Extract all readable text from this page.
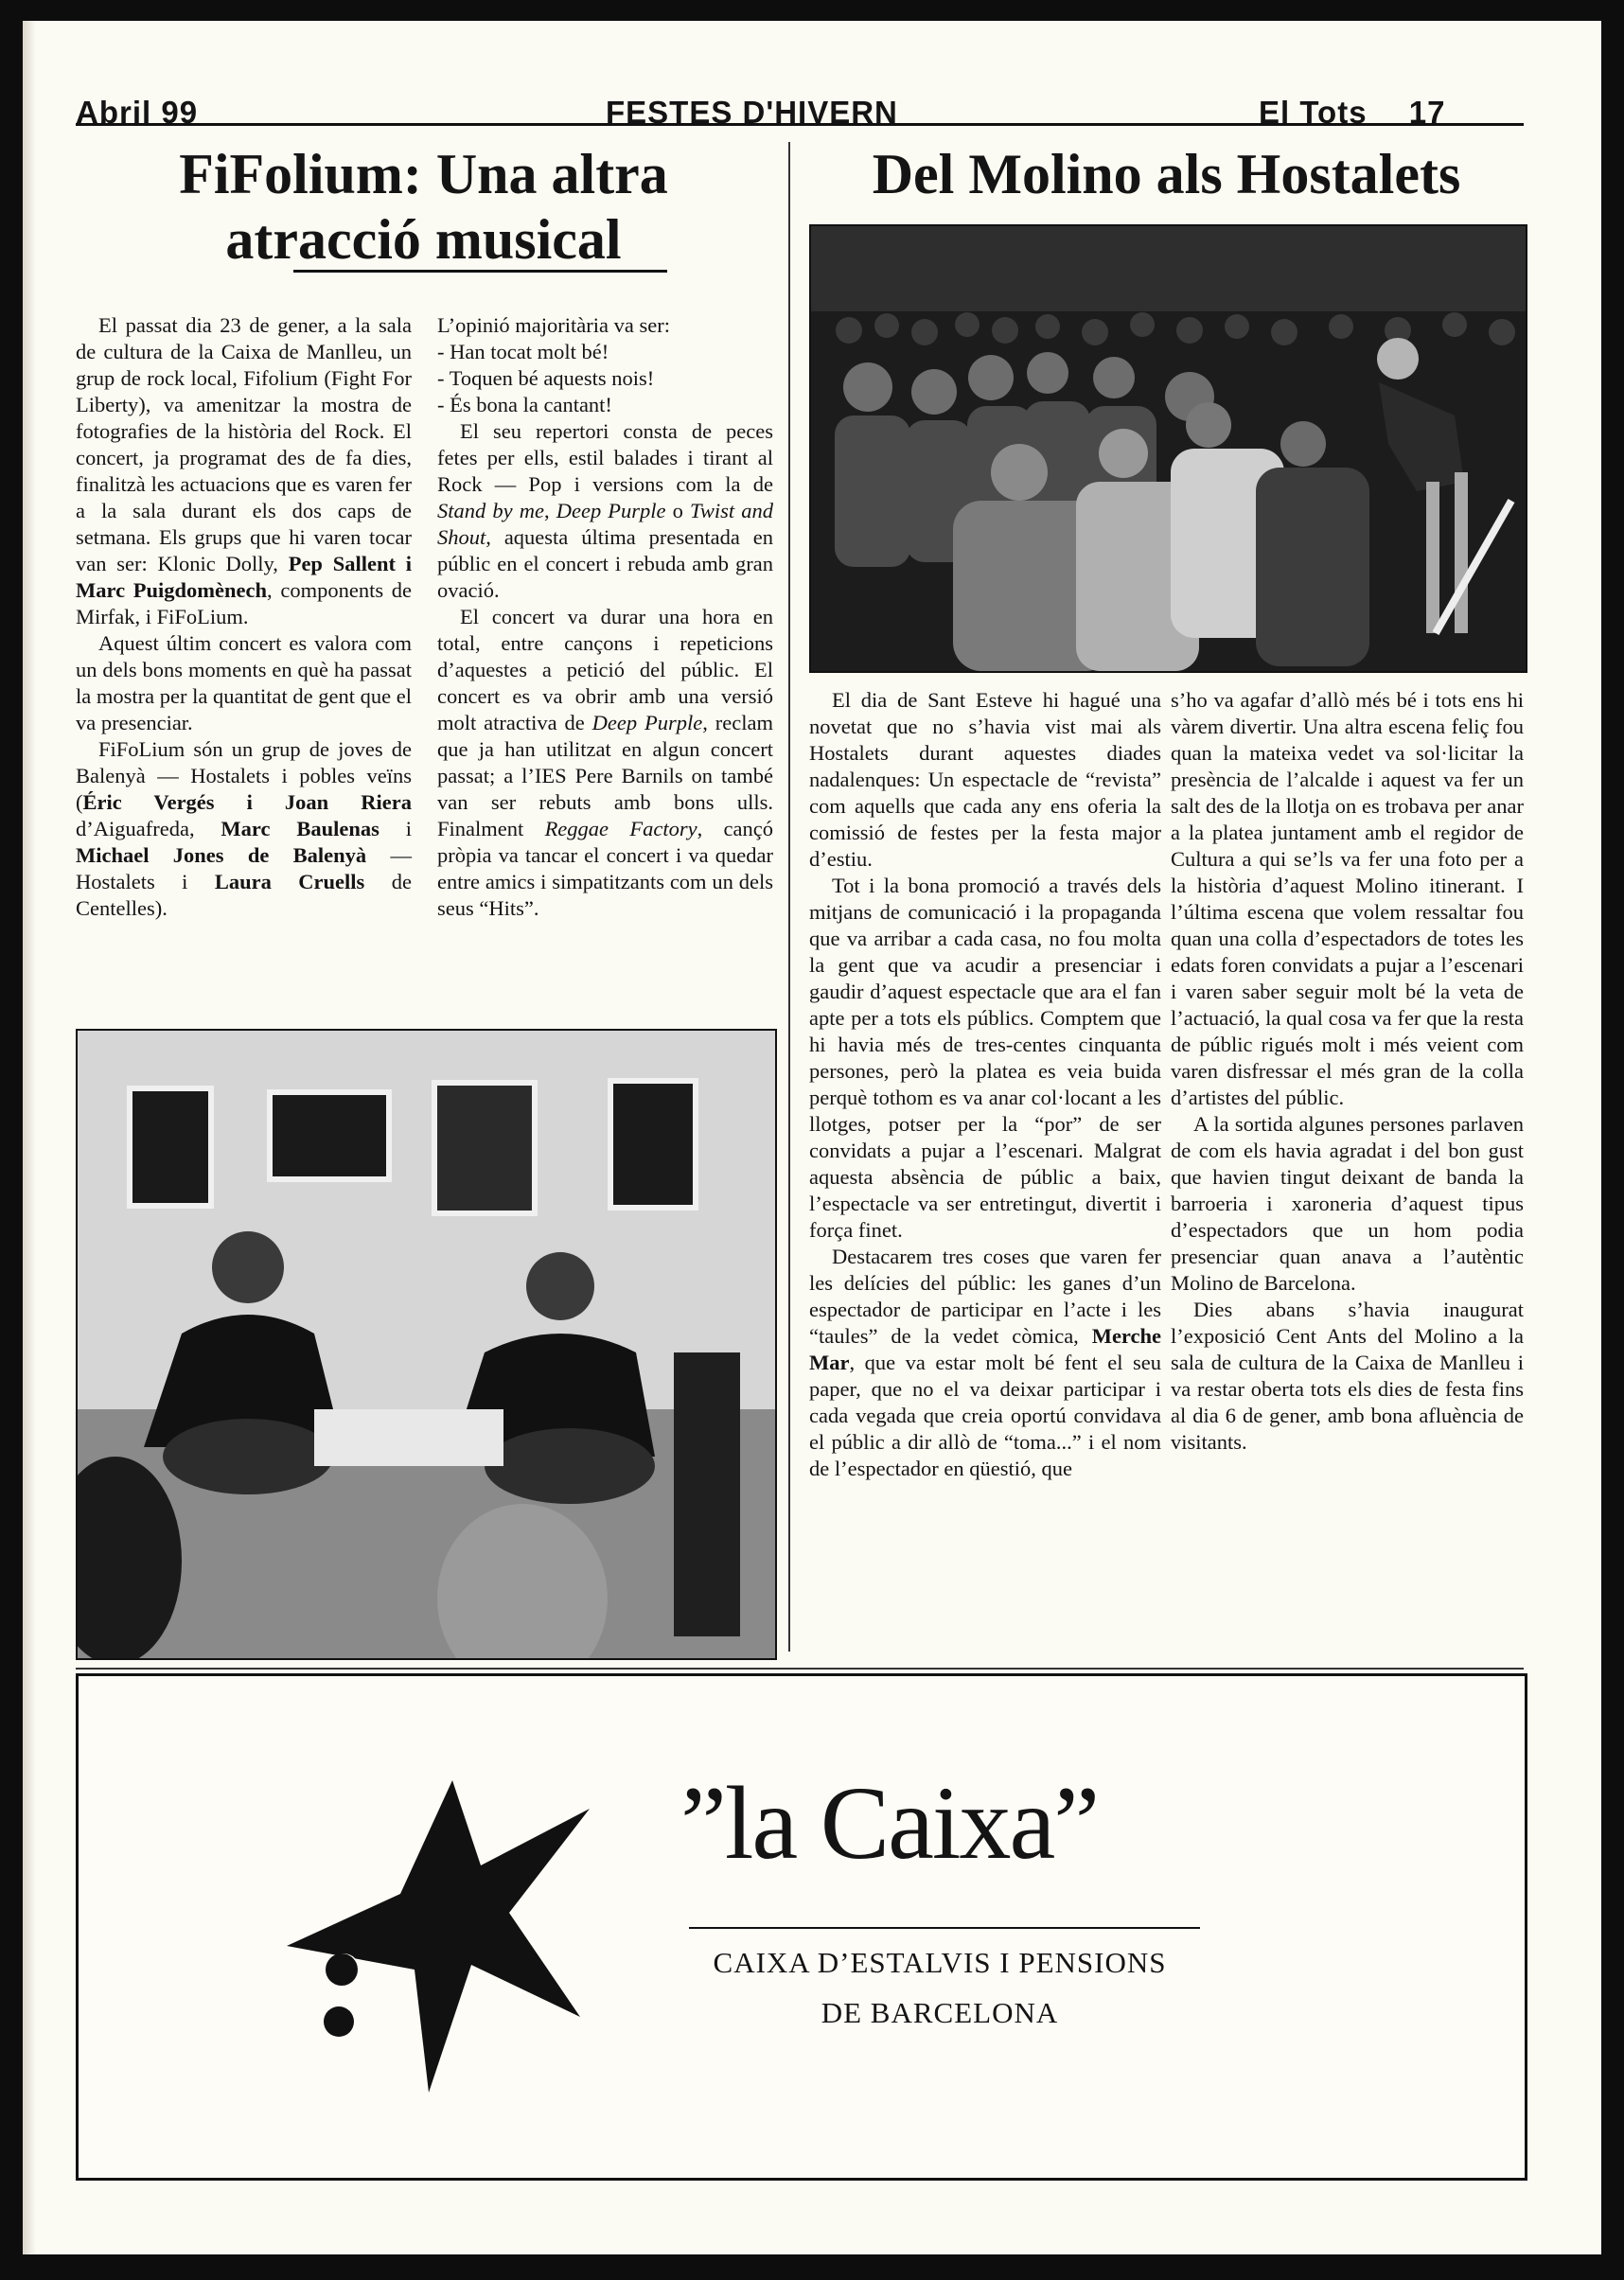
Abril 99	FESTES D'HIVERN	El Tots 17
FiFolium: Una altra
atracció musical
Del Molino als Hostalets

El passat dia 23 de gener, a la sala de cultura de la Caixa de Manlleu, un grup de rock local, Fifolium (Fight For Liberty), va amenitzar la mostra de fotografies de la història del Rock. El concert, ja programat des de fa dies, finalitzà les actuacions que es varen fer a la sala durant els dos caps de setmana. Els grups que hi varen tocar van ser: Klonic Dolly, Pep Sallent i Marc Puigdomènech, components de Mirfak, i FiFoLium.

Aquest últim concert es valora com un dels bons moments en què ha passat la mostra per la quantitat de gent que el va presenciar.

FiFoLium són un grup de joves de Balenyà — Hostalets i pobles veïns (Éric Vergés i Joan Riera d’Aiguafreda, Marc Baulenas i Michael Jones de Balenyà — Hostalets i Laura Cruells de Centelles).

L’opinió majoritària va ser:

- Han tocat molt bé!

- Toquen bé aquests nois!

- És bona la cantant!

El seu repertori consta de peces fetes per ells, estil balades i tirant al Rock — Pop i versions com la de Stand by me, Deep Purple o Twist and Shout, aquesta última presentada en públic en el concert i rebuda amb gran ovació.

El concert va durar una hora en total, entre cançons i repeticions d’aquestes a petició del públic. El concert es va obrir amb una versió molt atractiva de Deep Purple, reclam que ja han utilitzat en algun concert passat; a l’IES Pere Barnils on també van ser rebuts amb bons ulls. Finalment Reggae Factory, cançó pròpia va tancar el concert i va quedar entre amics i simpatitzants com un dels seus “Hits”.

El dia de Sant Esteve hi hagué una novetat que no s’havia vist mai als Hostalets durant aquestes diades nadalenques: Un espectacle de “revista” com aquells que cada any ens oferia la comissió de festes per la festa major d’estiu.

Tot i la bona promoció a través dels mitjans de comunicació i la propaganda que va arribar a cada casa, no fou molta la gent que va acudir a presenciar i gaudir d’aquest espectacle que ara el fan apte per a tots els públics. Comptem que hi havia més de tres-centes cinquanta persones, però la platea es veia buida perquè tothom es va anar col·locant a les llotges, potser per la “por” de ser convidats a pujar a l’escenari. Malgrat aquesta absència de públic a baix, l’espectacle va ser entretingut, divertit i força finet.

Destacarem tres coses que varen fer les delícies del públic: les ganes d’un espectador de participar en l’acte i les “taules” de la vedet còmica, Merche Mar, que va estar molt bé fent el seu paper, que no el va deixar participar i cada vegada que creia oportú convidava el públic a dir allò de “toma...” i el nom de l’espectador en qüestió, que

s’ho va agafar d’allò més bé i tots ens hi vàrem divertir. Una altra escena feliç fou quan la mateixa vedet va sol·licitar la presència de l’alcalde i aquest va fer un salt des de la llotja on es trobava per anar a la platea juntament amb el regidor de Cultura a qui se’ls va fer una foto per a la història d’aquest Molino itinerant. I l’última escena que volem ressaltar fou quan una colla d’espectadors de totes les edats foren convidats a pujar a l’escenari i varen saber seguir molt bé la veta de l’actuació, la qual cosa va fer que la resta de públic rigués molt i més veient com varen disfressar el més gran de la colla d’artistes del públic.

A la sortida algunes persones parlaven de com els havia agradat i del bon gust que havien tingut deixant de banda la barroeria i xaroneria d’aquest tipus d’espectadors que un hom podia presenciar quan anava a l’autèntic Molino de Barcelona.

Dies abans s’havia inaugurat l’exposició Cent Ants del Molino a la sala de cultura de la Caixa de Manlleu i va restar oberta tots els dies de festa fins al dia 6 de gener, amb bona afluència de visitants.

”la Caixa”
CAIXA D’ESTALVIS I PENSIONS
DE BARCELONA
